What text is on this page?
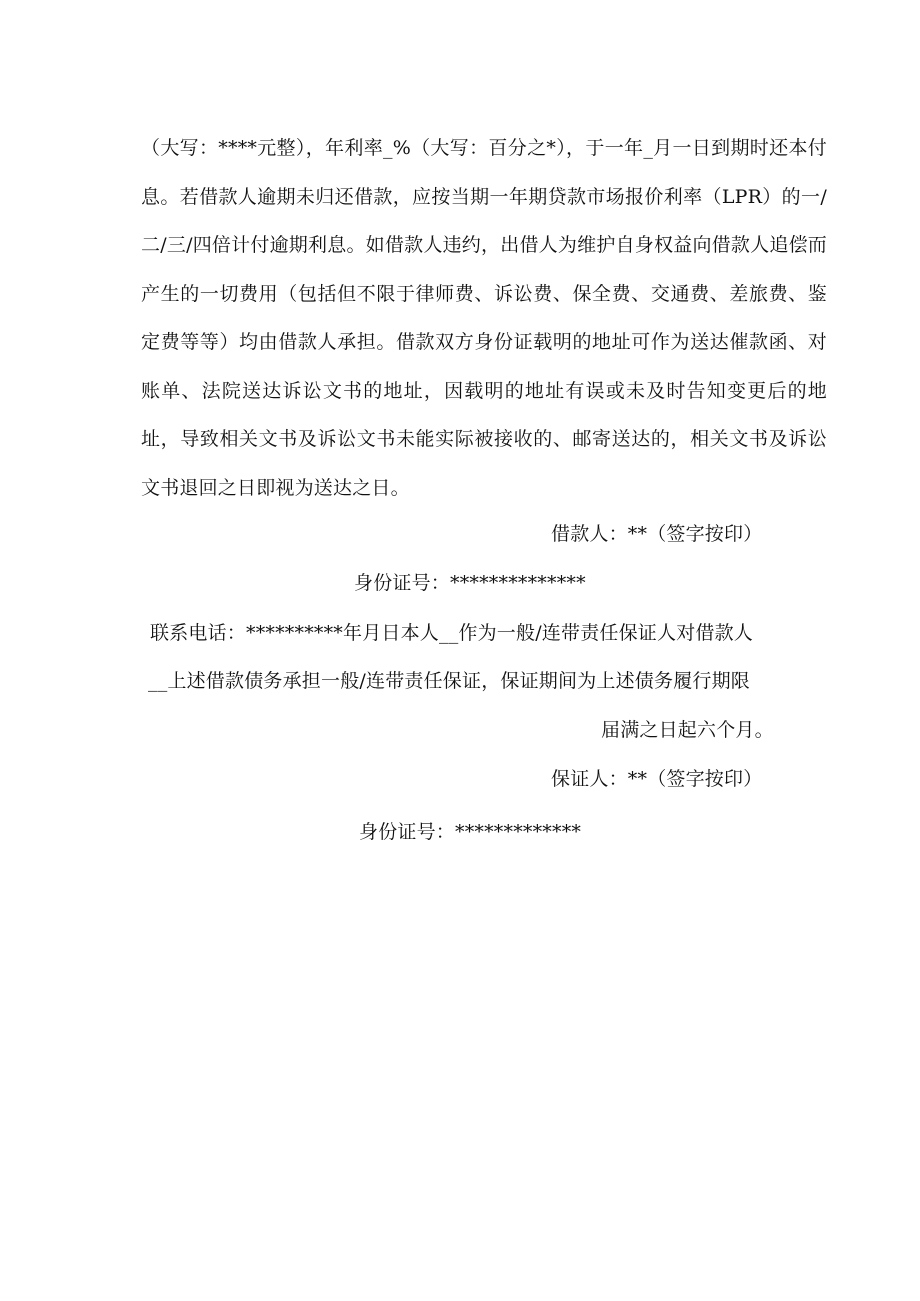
（大写：****元整），年利率_%（大写：百分之*），于一年_月一日到期时还本付息。若借款人逾期未归还借款，应按当期一年期贷款市场报价利率（LPR）的一/二/三/四倍计付逾期利息。如借款人违约，出借人为维护自身权益向借款人追偿而产生的一切费用（包括但不限于律师费、诉讼费、保全费、交通费、差旅费、鉴定费等等）均由借款人承担。借款双方身份证载明的地址可作为送达催款函、对账单、法院送达诉讼文书的地址，因载明的地址有误或未及时告知变更后的地址，导致相关文书及诉讼文书未能实际被接收的、邮寄送达的，相关文书及诉讼文书退回之日即视为送达之日。

借款人：**（签字按印）

身份证号：**************

联系电话：**********年月日本人__作为一般/连带责任保证人对借款人

__上述借款债务承担一般/连带责任保证，保证期间为上述债务履行期限

届满之日起六个月。

保证人：**（签字按印）

身份证号：*************
